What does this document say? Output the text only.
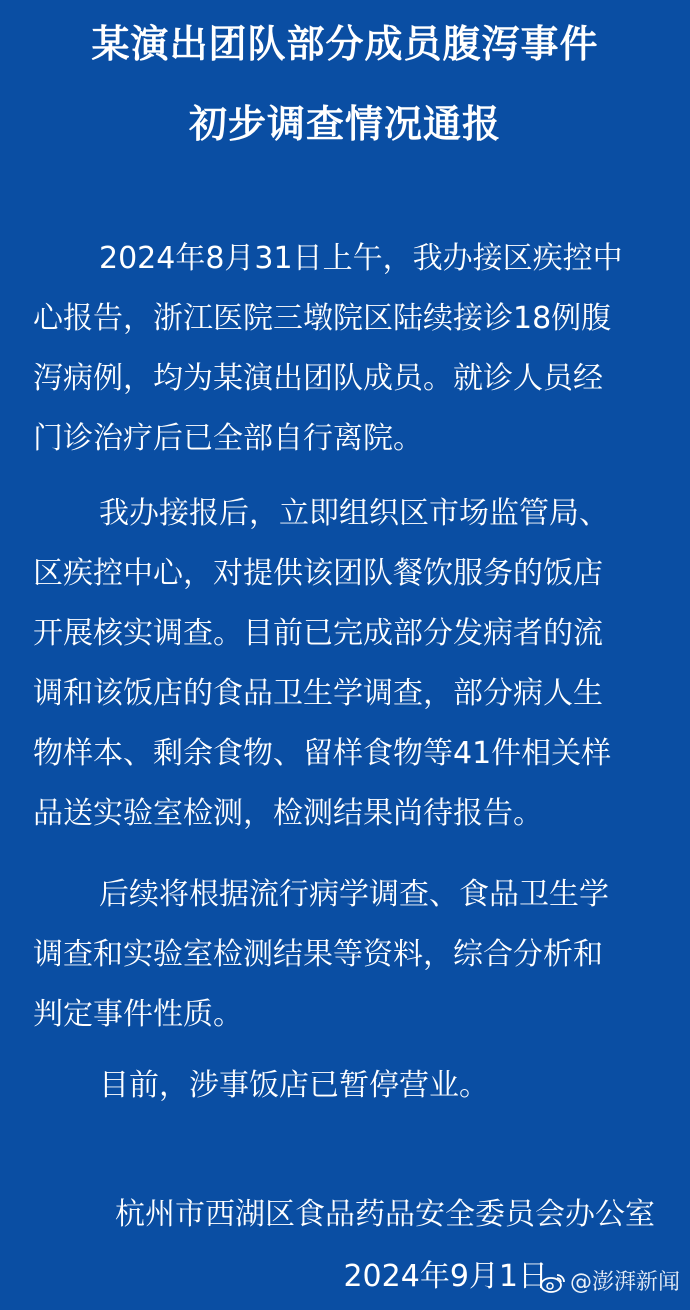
某演出团队部分成员腹泻事件
初步调查情况通报
2024年8月31日上午，我办接区疾控中
心报告，浙江医院三墩院区陆续接诊18例腹
泻病例，均为某演出团队成员。就诊人员经
门诊治疗后已全部自行离院。
我办接报后，立即组织区市场监管局、
区疾控中心，对提供该团队餐饮服务的饭店
开展核实调查。目前已完成部分发病者的流
调和该饭店的食品卫生学调查，部分病人生
物样本、剩余食物、留样食物等41件相关样
品送实验室检测，检测结果尚待报告。
后续将根据流行病学调查、食品卫生学
调查和实验室检测结果等资料，综合分析和
判定事件性质。
目前，涉事饭店已暂停营业。
杭州市西湖区食品药品安全委员会办公室
2024年9月1日 @澎湃新闻
